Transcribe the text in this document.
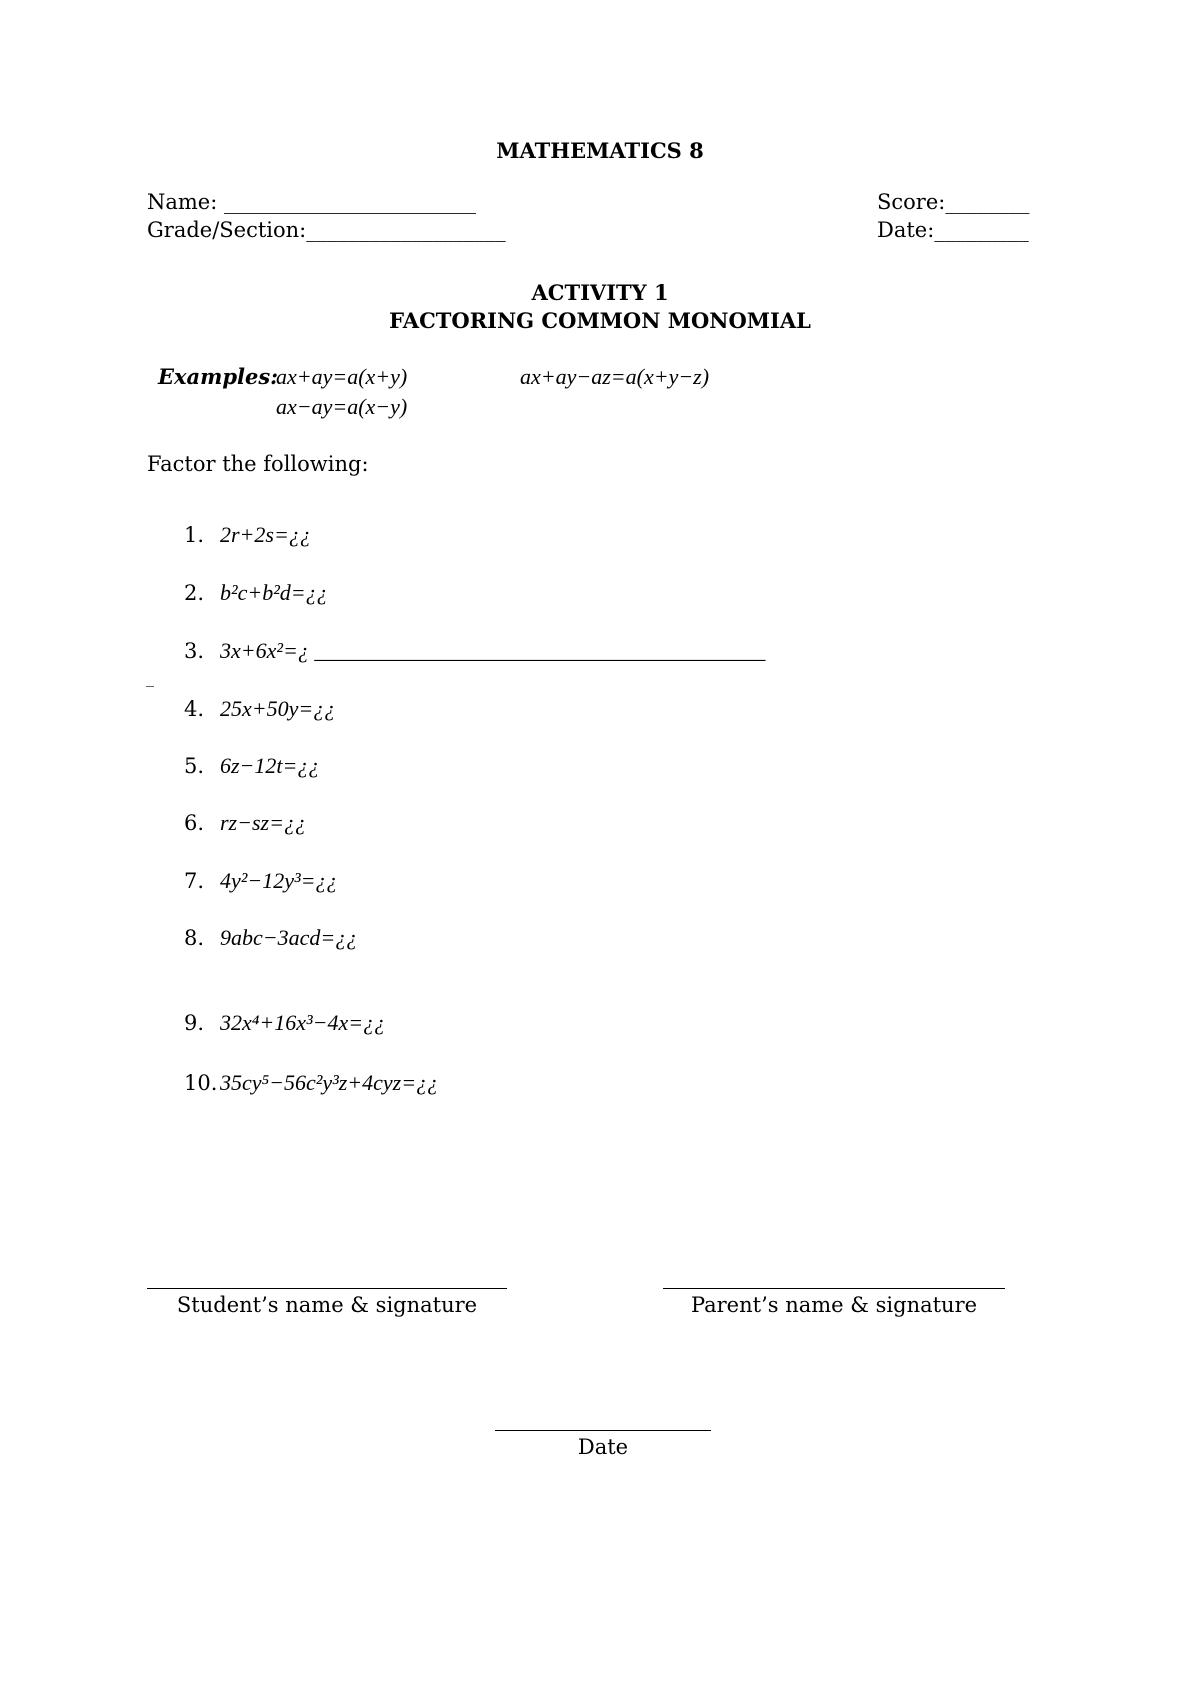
MATHEMATICS 8
Name: ________________________
Grade/Section:___________________
Score:________
Date:_________
ACTIVITY 1
FACTORING COMMON MONOMIAL
Examples:
ax+ay=a(x+y)	ax+ay−az=a(x+y−z)
ax−ay=a(x−y)
Factor the following:
_
1. 2r+2s=¿¿
2. b²c+b²d=¿¿
3. 3x+6x²=¿ _________________________________________
4. 25x+50y=¿¿
5. 6z−12t=¿¿
6. rz−sz=¿¿
7. 4y²−12y³=¿¿
8. 9abc−3acd=¿¿
9. 32x⁴+16x³−4x=¿¿
10. 35cy⁵−56c²y³z+4cyz=¿¿
Student’s name & signature	Parent’s name & signature
Date
